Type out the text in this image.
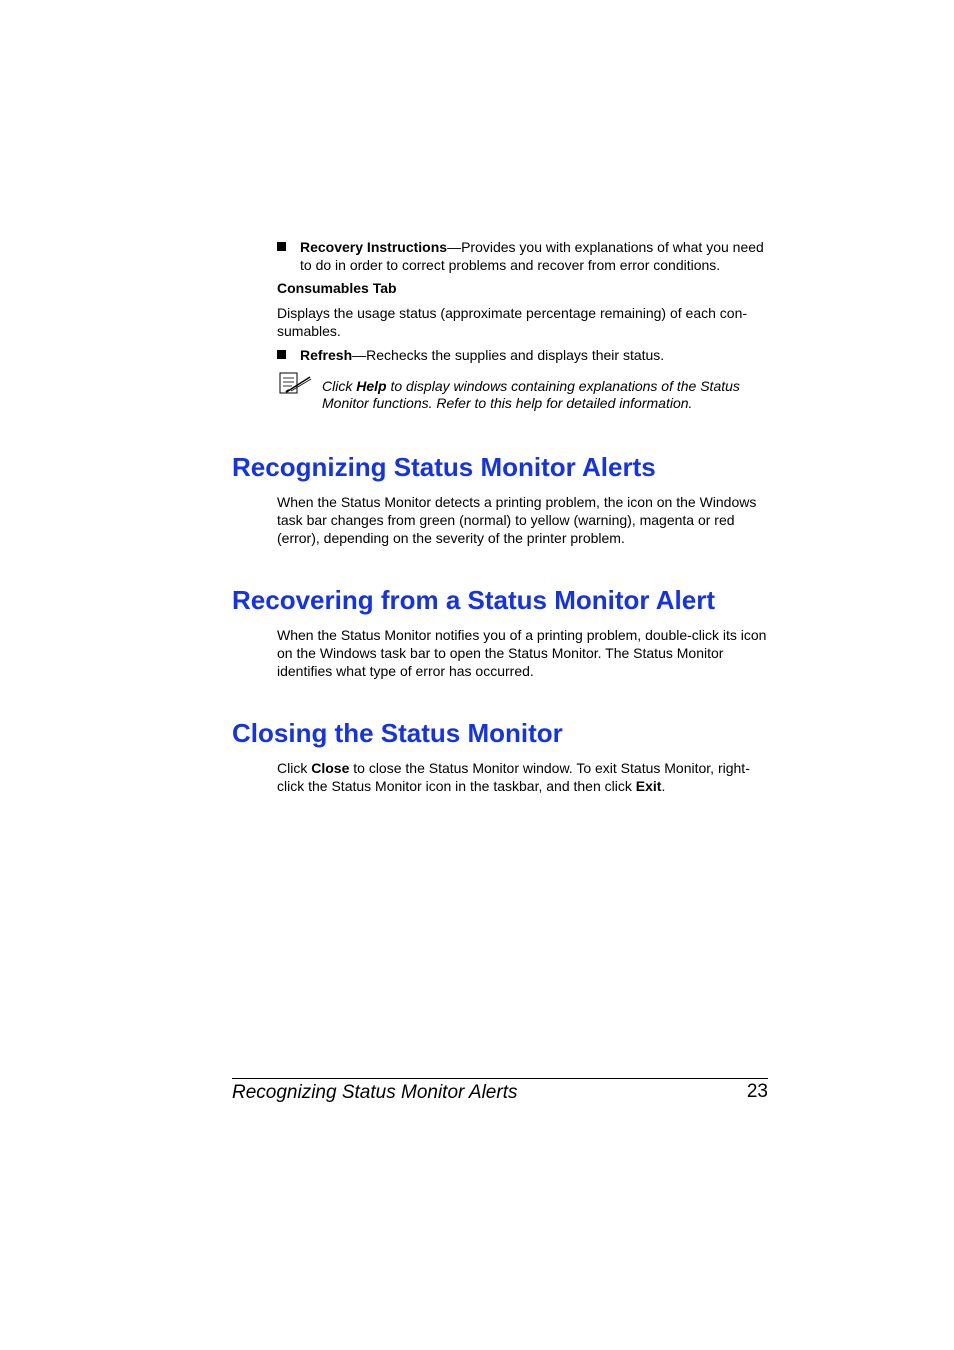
Recovery Instructions—Provides you with explanations of what you need to do in order to correct problems and recover from error conditions.
Consumables Tab
Displays the usage status (approximate percentage remaining) of each con-sumables.
Refresh—Rechecks the supplies and displays their status.
Click Help to display windows containing explanations of the Status Monitor functions. Refer to this help for detailed information.
Recognizing Status Monitor Alerts
When the Status Monitor detects a printing problem, the icon on the Windows task bar changes from green (normal) to yellow (warning), magenta or red (error), depending on the severity of the printer problem.
Recovering from a Status Monitor Alert
When the Status Monitor notifies you of a printing problem, double-click its icon on the Windows task bar to open the Status Monitor. The Status Monitor identifies what type of error has occurred.
Closing the Status Monitor
Click Close to close the Status Monitor window. To exit Status Monitor, right-click the Status Monitor icon in the taskbar, and then click Exit.
Recognizing Status Monitor Alerts	23
